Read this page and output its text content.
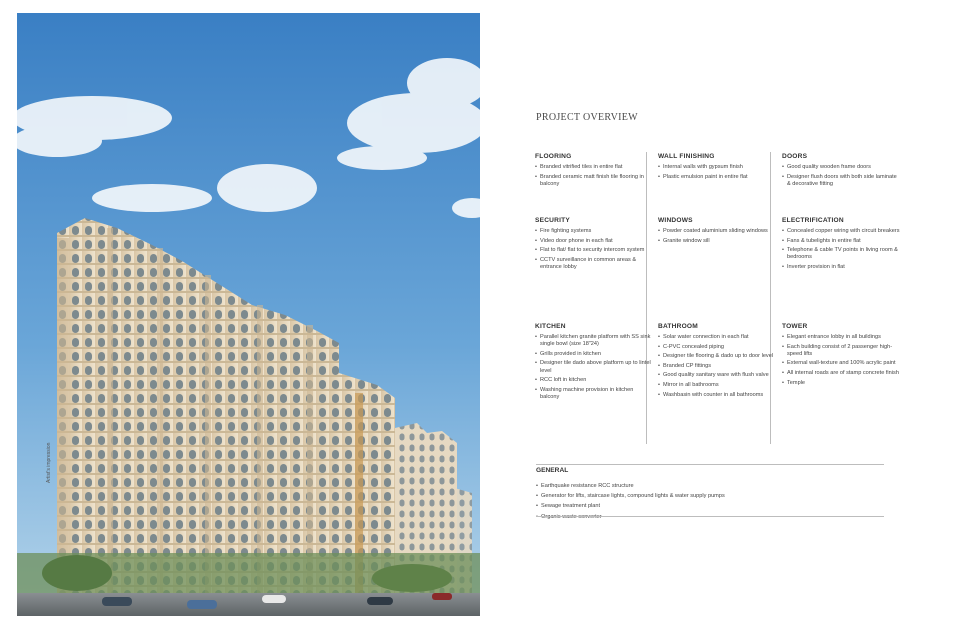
Artist's impression
PROJECT OVERVIEW
FLOORING
• Branded vitrified tiles in entire flat
• Branded ceramic matt finish tile flooring in balcony
WALL FINISHING
• Internal walls with gypsum finish
• Plastic emulsion paint in entire flat
DOORS
• Good quality wooden frame doors
• Designer flush doors with both side laminate & decorative fitting
SECURITY
• Fire fighting systems
• Video door phone in each flat
• Flat to flat/ flat to security intercom system
• CCTV surveillance in common areas & entrance lobby
WINDOWS
• Powder coated aluminium sliding windows
• Granite window sill
ELECTRIFICATION
• Concealed copper wiring with circuit breakers
• Fans & tubelights in entire flat
• Telephone & cable TV points in living room & bedrooms
• Inverter provision in flat
KITCHEN
• Parallel kitchen granite platform with SS sink single bowl (size 18"24)
• Grills provided in kitchen
• Designer tile dado above platform up to lintel level
• RCC loft in kitchen
• Washing machine provision in kitchen balcony
BATHROOM
• Solar water connection in each flat
• C-PVC concealed piping
• Designer tile flooring & dado up to door level
• Branded CP fittings
• Good quality sanitary ware with flush valve
• Mirror in all bathrooms
• Washbasin with counter in all bathrooms
TOWER
• Elegant entrance lobby in all buildings
• Each building consist of 2 passenger high-speed lifts
• External wall-texture and 100% acrylic paint
• All internal roads are of stamp concrete finish
• Temple
GENERAL
• Earthquake resistance RCC structure
• Generator for lifts, staircase lights, compound lights & water supply pumps
• Sewage treatment plant
• Organic waste converter
